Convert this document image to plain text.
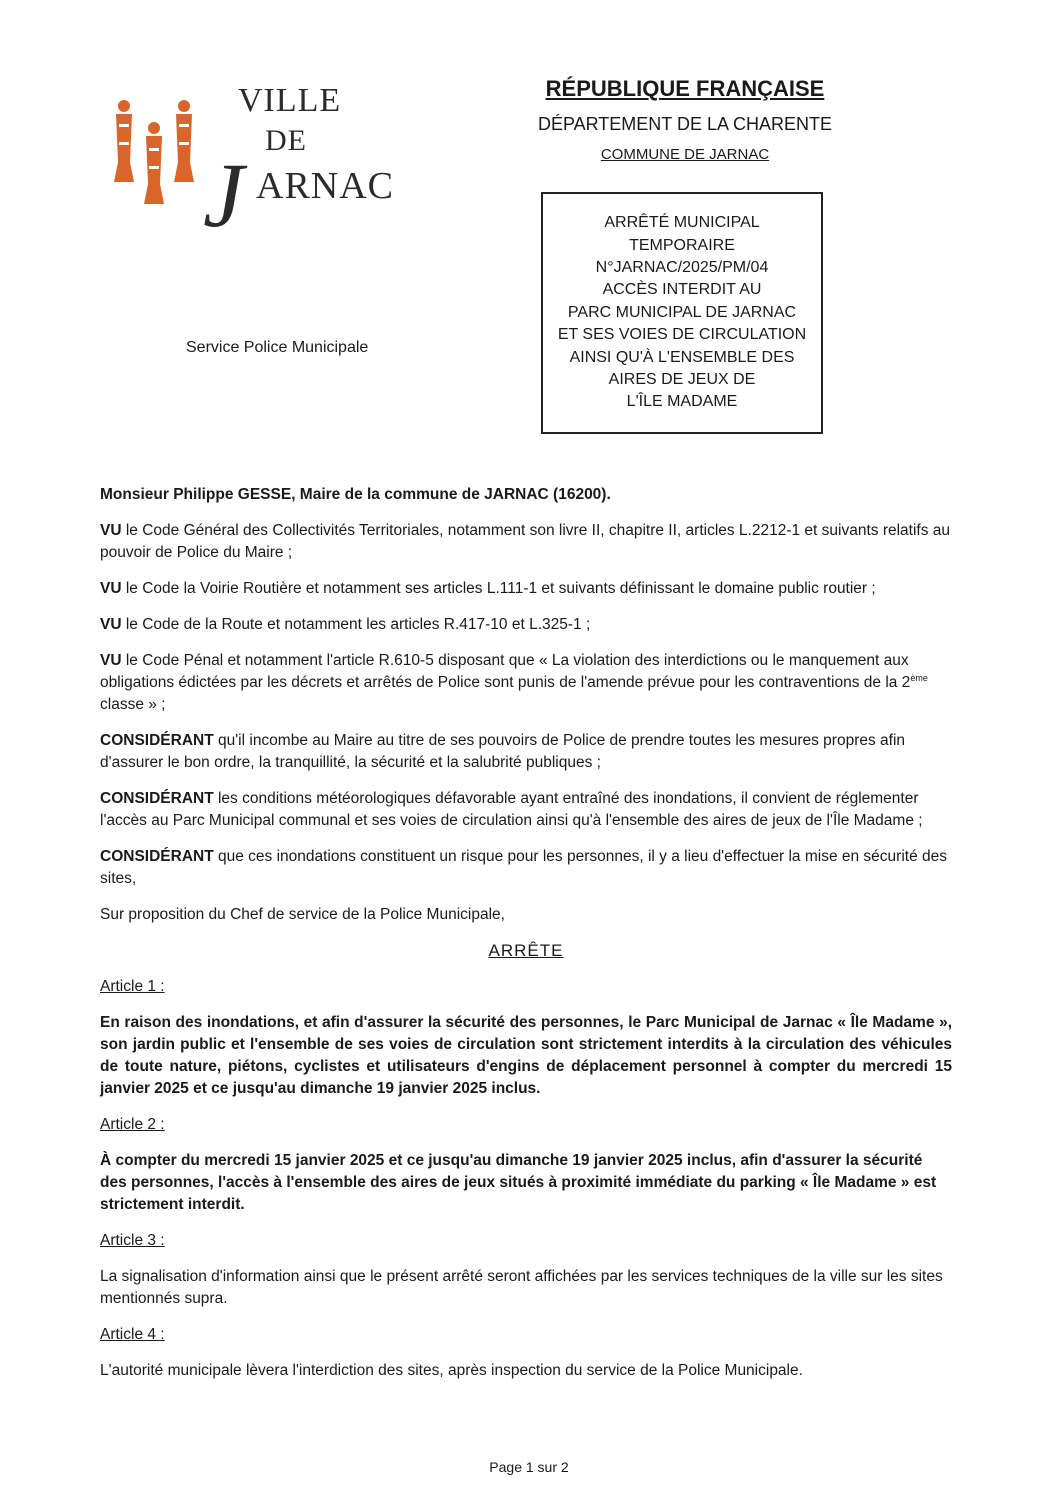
VILLE
DE
J ARNAC
RÉPUBLIQUE FRANÇAISE
DÉPARTEMENT DE LA CHARENTE
COMMUNE DE JARNAC
Service Police Municipale
ARRÊTÉ MUNICIPAL
TEMPORAIRE
N°JARNAC/2025/PM/04
ACCÈS INTERDIT AU
PARC MUNICIPAL DE JARNAC
ET SES VOIES DE CIRCULATION
AINSI QU'À L'ENSEMBLE DES
AIRES DE JEUX DE
L'ÎLE MADAME

Monsieur Philippe GESSE, Maire de la commune de JARNAC (16200).

VU le Code Général des Collectivités Territoriales, notamment son livre II, chapitre II, articles L.2212-1 et suivants relatifs au pouvoir de Police du Maire ;

VU le Code la Voirie Routière et notamment ses articles L.111-1 et suivants définissant le domaine public routier ;

VU le Code de la Route et notamment les articles R.417-10 et L.325-1 ;

VU le Code Pénal et notamment l'article R.610-5 disposant que « La violation des interdictions ou le manquement aux obligations édictées par les décrets et arrêtés de Police sont punis de l'amende prévue pour les contraventions de la 2ème classe » ;

CONSIDÉRANT qu'il incombe au Maire au titre de ses pouvoirs de Police de prendre toutes les mesures propres afin d'assurer le bon ordre, la tranquillité, la sécurité et la salubrité publiques ;

CONSIDÉRANT les conditions météorologiques défavorable ayant entraîné des inondations, il convient de réglementer l'accès au Parc Municipal communal et ses voies de circulation ainsi qu'à l'ensemble des aires de jeux de l'Île Madame ;

CONSIDÉRANT que ces inondations constituent un risque pour les personnes, il y a lieu d'effectuer la mise en sécurité des sites,

Sur proposition du Chef de service de la Police Municipale,

ARRÊTE

Article 1 :

En raison des inondations, et afin d'assurer la sécurité des personnes, le Parc Municipal de Jarnac « Île Madame », son jardin public et l'ensemble de ses voies de circulation sont strictement interdits à la circulation des véhicules de toute nature, piétons, cyclistes et utilisateurs d'engins de déplacement personnel à compter du mercredi 15 janvier 2025 et ce jusqu'au dimanche 19 janvier 2025 inclus.

Article 2 :

À compter du mercredi 15 janvier 2025 et ce jusqu'au dimanche 19 janvier 2025 inclus, afin d'assurer la sécurité des personnes, l'accès à l'ensemble des aires de jeux situés à proximité immédiate du parking « Île Madame » est strictement interdit.

Article 3 :

La signalisation d'information ainsi que le présent arrêté seront affichées par les services techniques de la ville sur les sites mentionnés supra.

Article 4 :

L'autorité municipale lèvera l'interdiction des sites, après inspection du service de la Police Municipale.

Page 1 sur 2
